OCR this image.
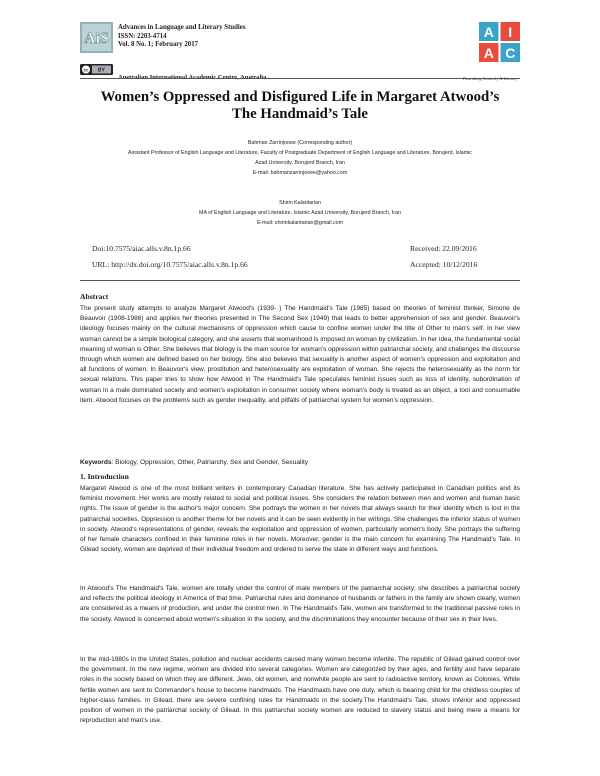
AiS
Advances in Language and Literary Studies
ISSN: 2203-4714
Vol. 8 No. 1; February 2017
cc BY
Australian International Academic Centre, Australia
A I
A C
Flourishing Creativity & Literacy
Women’s Oppressed and Disfigured Life in Margaret Atwood’s
The Handmaid’s Tale
Bahman Zarrinjooee (Corresponding author)
Assistant Professor of English Language and Literature, Faculty of Postgraduate Department of English Language and Literature, Borujerd, Islamic
Azad University, Borujerd Branch, Iran
E-mail: bahmanzarrinjooee@yahoo.com
Shirin Kalantarian
MA of English Language and Literature, Islamic Azad University, Borujerd Branch, Iran
E-mail: shirinkalantarian@gmail.com
Doi:10.7575/aiac.alls.v.8n.1p.66	Received: 22.09/2016
URL: http://dx.doi.org/10.7575/aiac.alls.v.8n.1p.66	Accepted: 10/12/2016
Abstract
The present study attempts to analyze Margaret Atwood's (1939- ) The Handmaid's Tale (1985) based on theories of feminist thinker, Simone de Beauvoir (1908-1986) and applies her theories presented in The Second Sex (1949) that leads to better apprehension of sex and gender. Beauvoir's ideology focuses mainly on the cultural mechanisms of oppression which cause to confine women under the title of Other to man's self. In her view woman cannot be a simple biological category, and she asserts that womanhood is imposed on woman by civilization. In her idea, the fundamental social meaning of woman is Other. She believes that biology is the main source for woman's oppression within patriarchal society, and challenges the discourse through which women are defined based on her biology. She also believes that sexuality is another aspect of women's oppression and exploitation and all functions of women. In Beauvoir's view, prostitution and heterosexuality are exploitation of woman. She rejects the heterosexuality as the norm for sexual relations. This paper tries to show how Atwood in The Handmaid's Tale speculates feminist issues such as loss of identity, subordination of woman in a male dominated society and women's exploitation in consumer society where woman's body is treated as an object, a tool and consumable item. Atwood focuses on the problems such as gender inequality, and pitfalls of patriarchal system for women's oppression.
Keywords: Biology, Oppression, Other, Patriarchy, Sex and Gender, Sexuality
1. Introduction
Margaret Atwood is one of the most brilliant writers in contemporary Canadian literature. She has actively participated in Canadian politics and its feminist movement. Her works are mostly related to social and political issues. She considers the relation between men and women and human basic rights. The issue of gender is the author's major concern. She portrays the women in her novels that always search for their identity which is lost in the patriarchal societies. Oppression is another theme for her novels and it can be seen evidently in her writings. She challenges the inferior status of women in society. Atwood's representations of gender, reveals the exploitation and oppression of women, particularly women's body. She portrays the suffering of her female characters confined in their feminine roles in her novels. Moreover, gender is the main concern for examining The Handmaid's Tale. In Gilead society, women are deprived of their individual freedom and ordered to serve the state in different ways and functions.
In Atwood's The Handmaid's Tale, women are totally under the control of male members of the patriarchal society; she describes a patriarchal society and reflects the political ideology in America of that time. Patriarchal rules and dominance of husbands or fathers in the family are shown clearly, women are considered as a means of production, and under the control men. In The Handmaid's Tale, women are transformed to the traditional passive roles in the society. Atwood is concerned about women's situation in the society, and the discriminations they encounter because of their sex in their lives.
In the mid-1980s in the United States, pollution and nuclear accidents caused many women become infertile. The republic of Gilead gained control over the government. In the new regime, women are divided into several categories. Women are categorized by their ages, and fertility and have separate roles in the society based on which they are different. Jews, old women, and nonwhite people are sent to radioactive territory, known as Colonies. White fertile women are sent to Commander's house to become handmaids. The Handmaids have one duty, which is bearing child for the childless couples of higher-class families. In Gilead, there are severe confining rules for Handmaids in the society.The Handmaid's Tale, shows inferior and oppressed position of women in the patriarchal society of Gilead. In this patriarchal society women are reduced to slavery status and being mere a means for reproduction and man's use.
